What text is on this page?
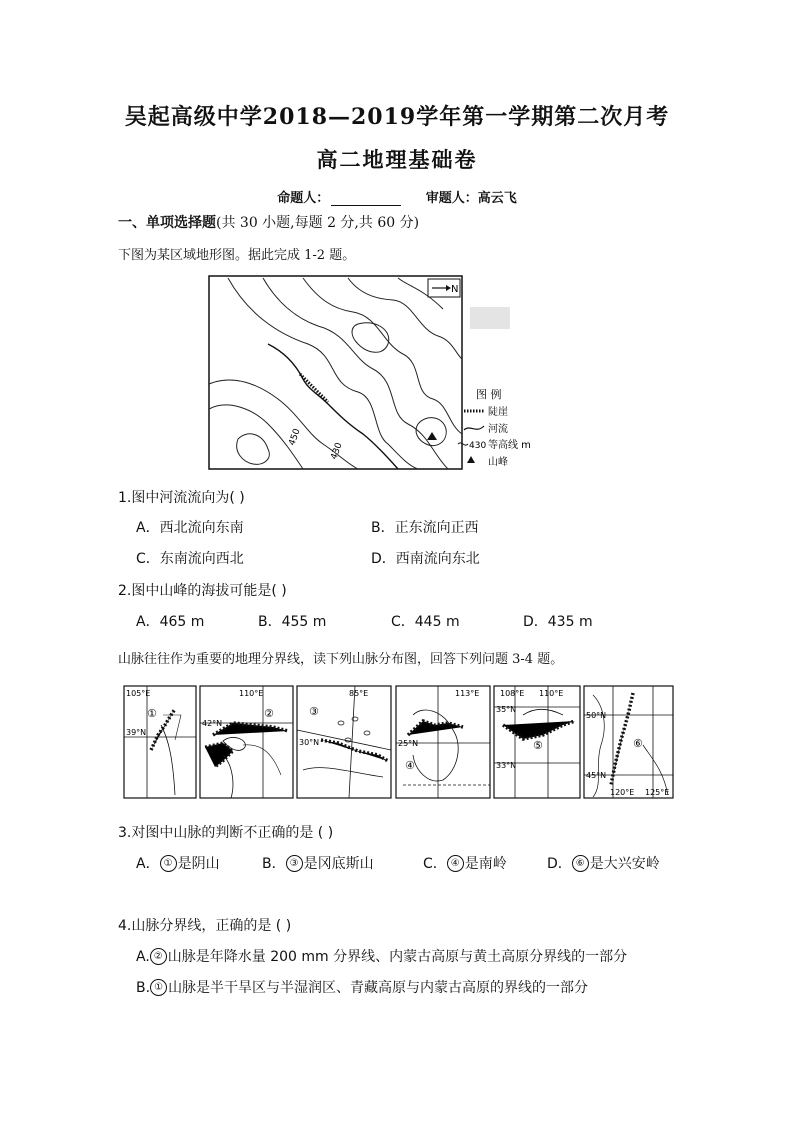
吴起高级中学2018—2019学年第一学期第二次月考
高二地理基础卷
命题人：	审题人：高云飞
一、单项选择题(共 30 小题,每题 2 分,共 60 分)
下图为某区域地形图。据此完成 1-2 题。
N
450
430
图 例
陡崖
河流
430 等高线 m
山峰
1.图中河流流向为( )
A．西北流向东南	B．正东流向正西
C．东南流向西北	D．西南流向东北
2.图中山峰的海拔可能是( )
A．465 m	B．455 m	C．445 m	D．435 m
山脉往往作为重要的地理分界线，读下列山脉分布图，回答下列问题 3-4 题。
105°E
39°N
①
110°E
42°N
②
85°E
30°N
③
113°E
25°N
④
108°E 110°E
35°N
33°N
⑤
50°N
45°N
120°E 125°E
⑥
3.对图中山脉的判断不正确的是 ( )
A． ① 是阴山	B． ③ 是冈底斯山	C． ④ 是南岭	D． ⑥ 是大兴安岭
4.山脉分界线，正确的是 ( )
A. ② 山脉是年降水量 200 mm 分界线、内蒙古高原与黄土高原分界线的一部分
B. ① 山脉是半干旱区与半湿润区、青藏高原与内蒙古高原的界线的一部分
